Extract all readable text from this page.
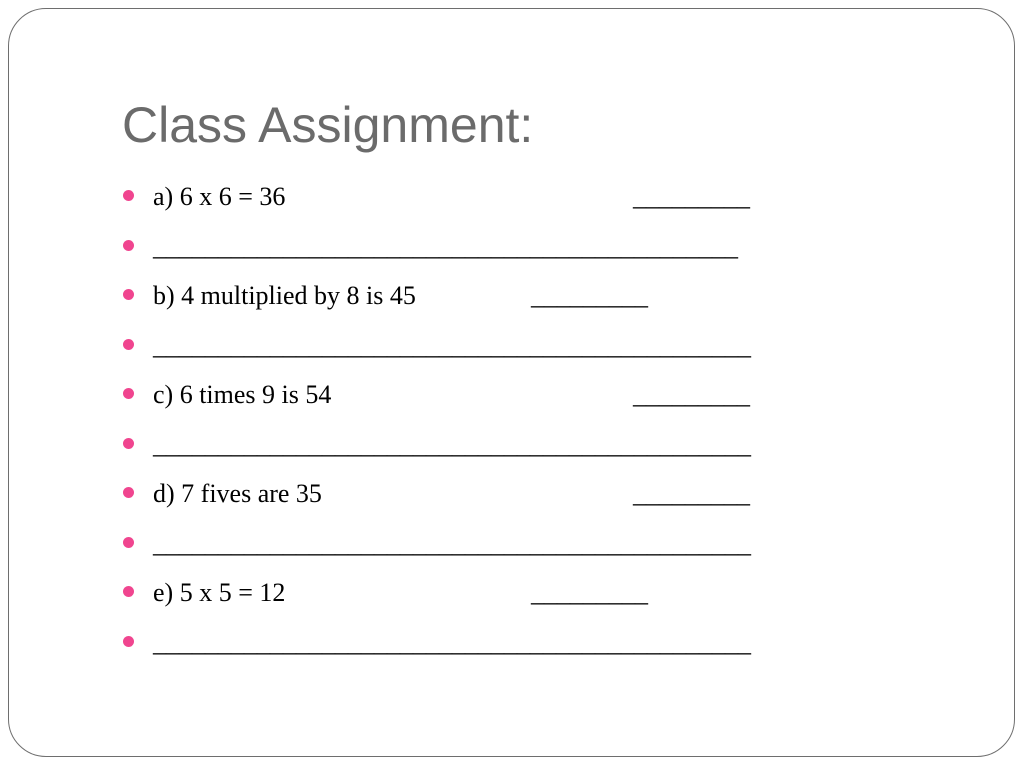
Class Assignment:
a) 6 x 6 = 36	_________
_____________________________________________
b) 4 multiplied by 8 is 45	_________
______________________________________________
c) 6 times 9 is 54	_________
______________________________________________
d) 7 fives are 35	_________
______________________________________________
e) 5 x 5 = 12	_________
______________________________________________
